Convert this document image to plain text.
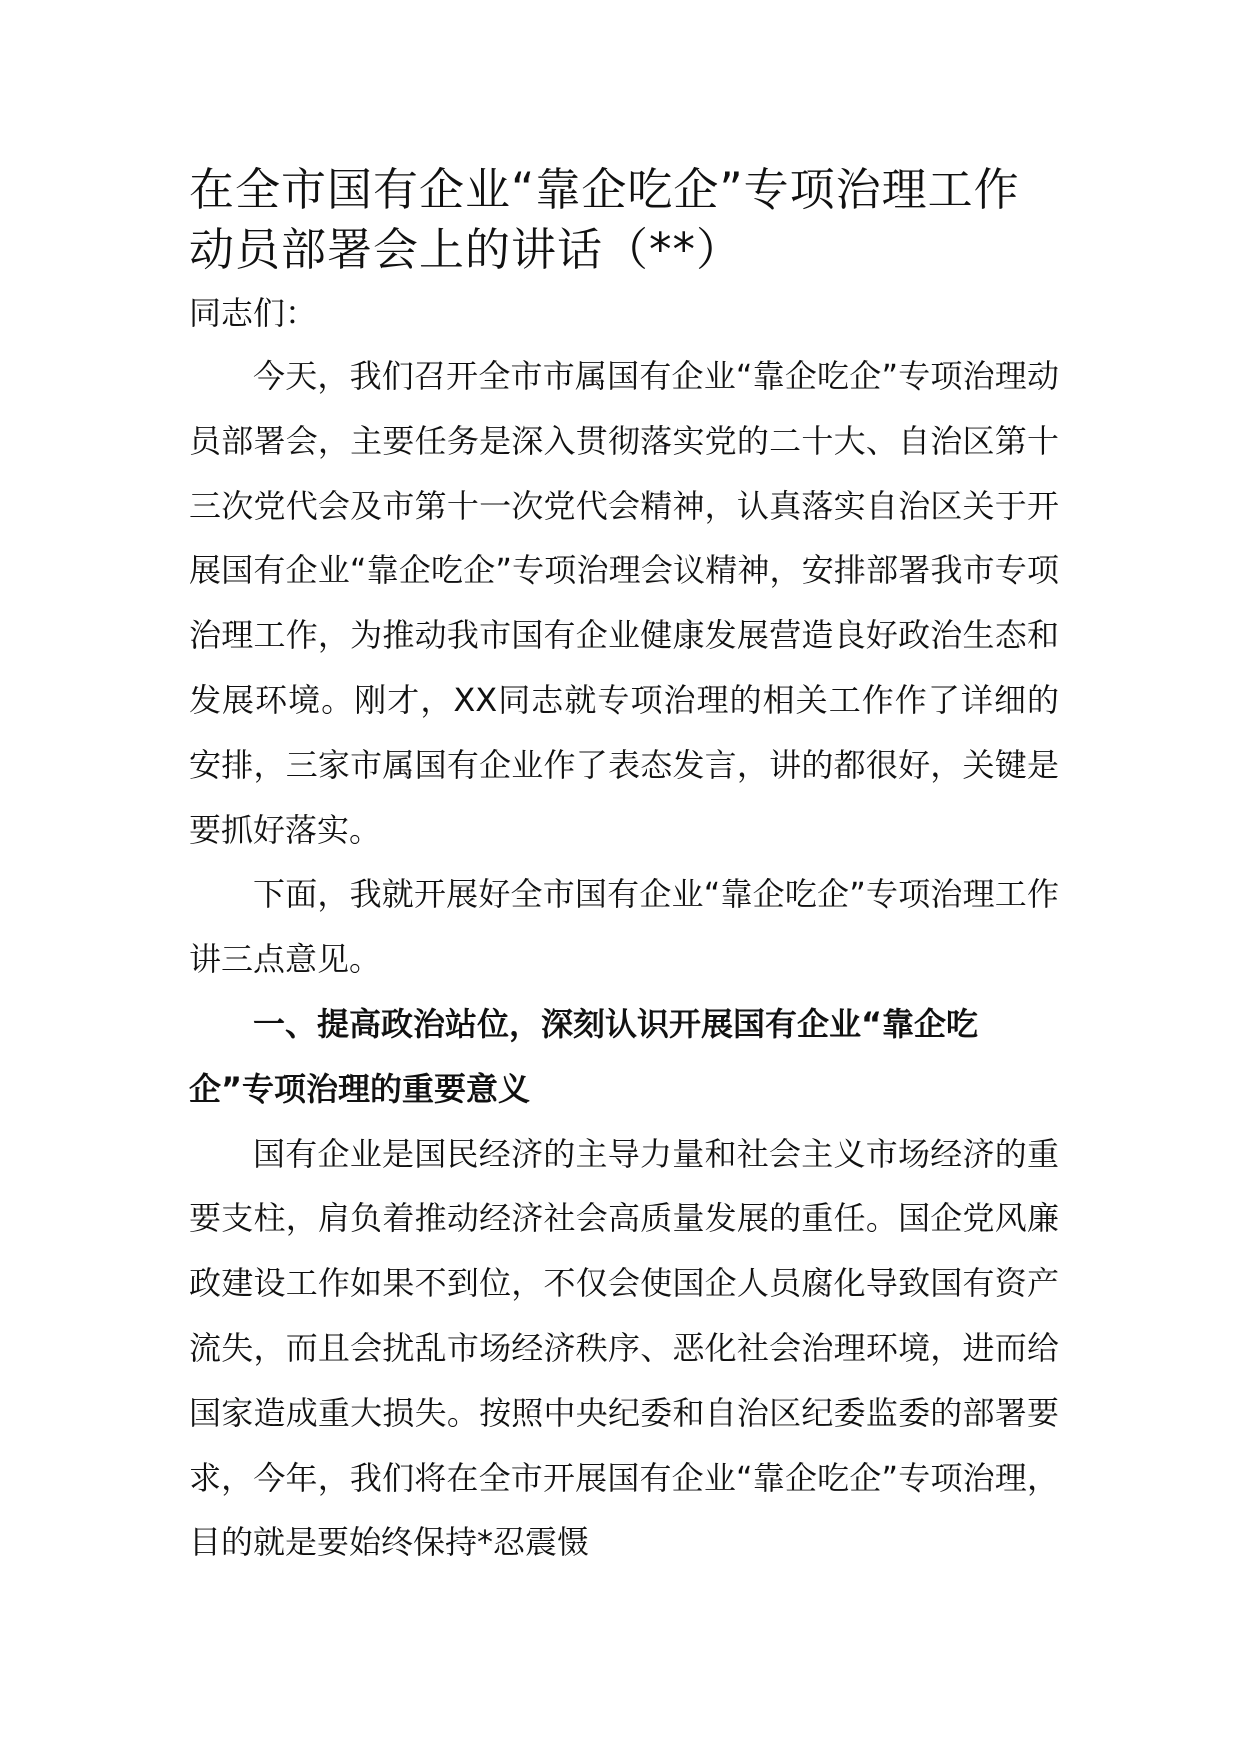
在全市国有企业“靠企吃企”专项治理工作动员部署会上的讲话（**）

同志们：

今天，我们召开全市市属国有企业“靠企吃企”专项治理动员部署会，主要任务是深入贯彻落实党的二十大、自治区第十三次党代会及市第十一次党代会精神，认真落实自治区关于开展国有企业“靠企吃企”专项治理会议精神，安排部署我市专项治理工作，为推动我市国有企业健康发展营造良好政治生态和发展环境。刚才，XX同志就专项治理的相关工作作了详细的安排，三家市属国有企业作了表态发言，讲的都很好，关键是要抓好落实。

下面，我就开展好全市国有企业“靠企吃企”专项治理工作讲三点意见。

一、提高政治站位，深刻认识开展国有企业“靠企吃企”专项治理的重要意义

国有企业是国民经济的主导力量和社会主义市场经济的重要支柱，肩负着推动经济社会高质量发展的重任。国企党风廉政建设工作如果不到位，不仅会使国企人员腐化导致国有资产流失，而且会扰乱市场经济秩序、恶化社会治理环境，进而给国家造成重大损失。按照中央纪委和自治区纪委监委的部署要求，今年，我们将在全市开展国有企业“靠企吃企”专项治理，目的就是要始终保持*忍震慑
